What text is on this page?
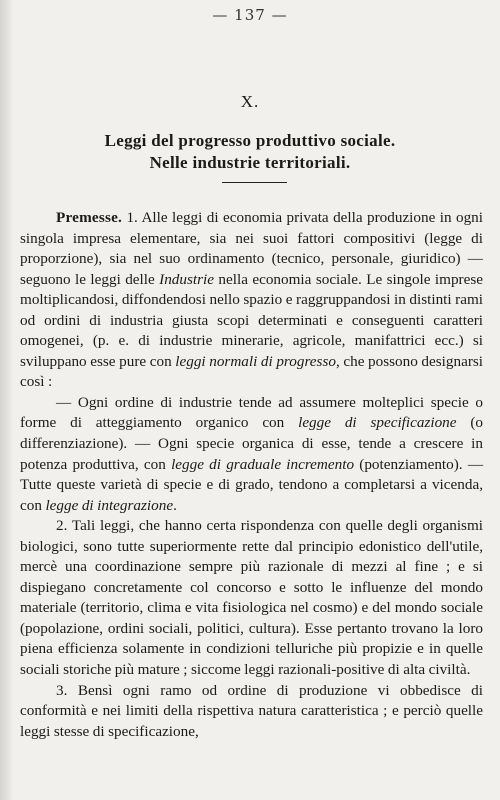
— 137 —
X.
Leggi del progresso produttivo sociale.
Nelle industrie territoriali.

Premesse. 1. Alle leggi di economia privata della produzione in ogni singola impresa elementare, sia nei suoi fattori compositivi (legge di proporzione), sia nel suo ordinamento (tecnico, personale, giuridico) — seguono le leggi delle Industrie nella economia sociale. Le singole imprese moltiplicandosi, diffondendosi nello spazio e raggruppandosi in distinti rami od ordini di industria giusta scopi determinati e conseguenti caratteri omogenei, (p. e. di industrie minerarie, agricole, manifattrici ecc.) si sviluppano esse pure con leggi normali di progresso, che possono designarsi così :

— Ogni ordine di industrie tende ad assumere molteplici specie o forme di atteggiamento organico con legge di specificazione (o differenziazione). — Ogni specie organica di esse, tende a crescere in potenza produttiva, con legge di graduale incremento (potenziamento). — Tutte queste varietà di specie e di grado, tendono a completarsi a vicenda, con legge di integrazione.

2. Tali leggi, che hanno certa rispondenza con quelle degli organismi biologici, sono tutte superiormente rette dal principio edonistico dell'utile, mercè una coordinazione sempre più razionale di mezzi al fine ; e si dispiegano concretamente col concorso e sotto le influenze del mondo materiale (territorio, clima e vita fisiologica nel cosmo) e del mondo sociale (popolazione, ordini sociali, politici, cultura). Esse pertanto trovano la loro piena efficienza solamente in condizioni telluriche più propizie e in quelle sociali storiche più mature ; siccome leggi razionali-positive di alta civiltà.

3. Bensì ogni ramo od ordine di produzione vi obbedisce di conformità e nei limiti della rispettiva natura caratteristica ; e perciò quelle leggi stesse di specificazione,
